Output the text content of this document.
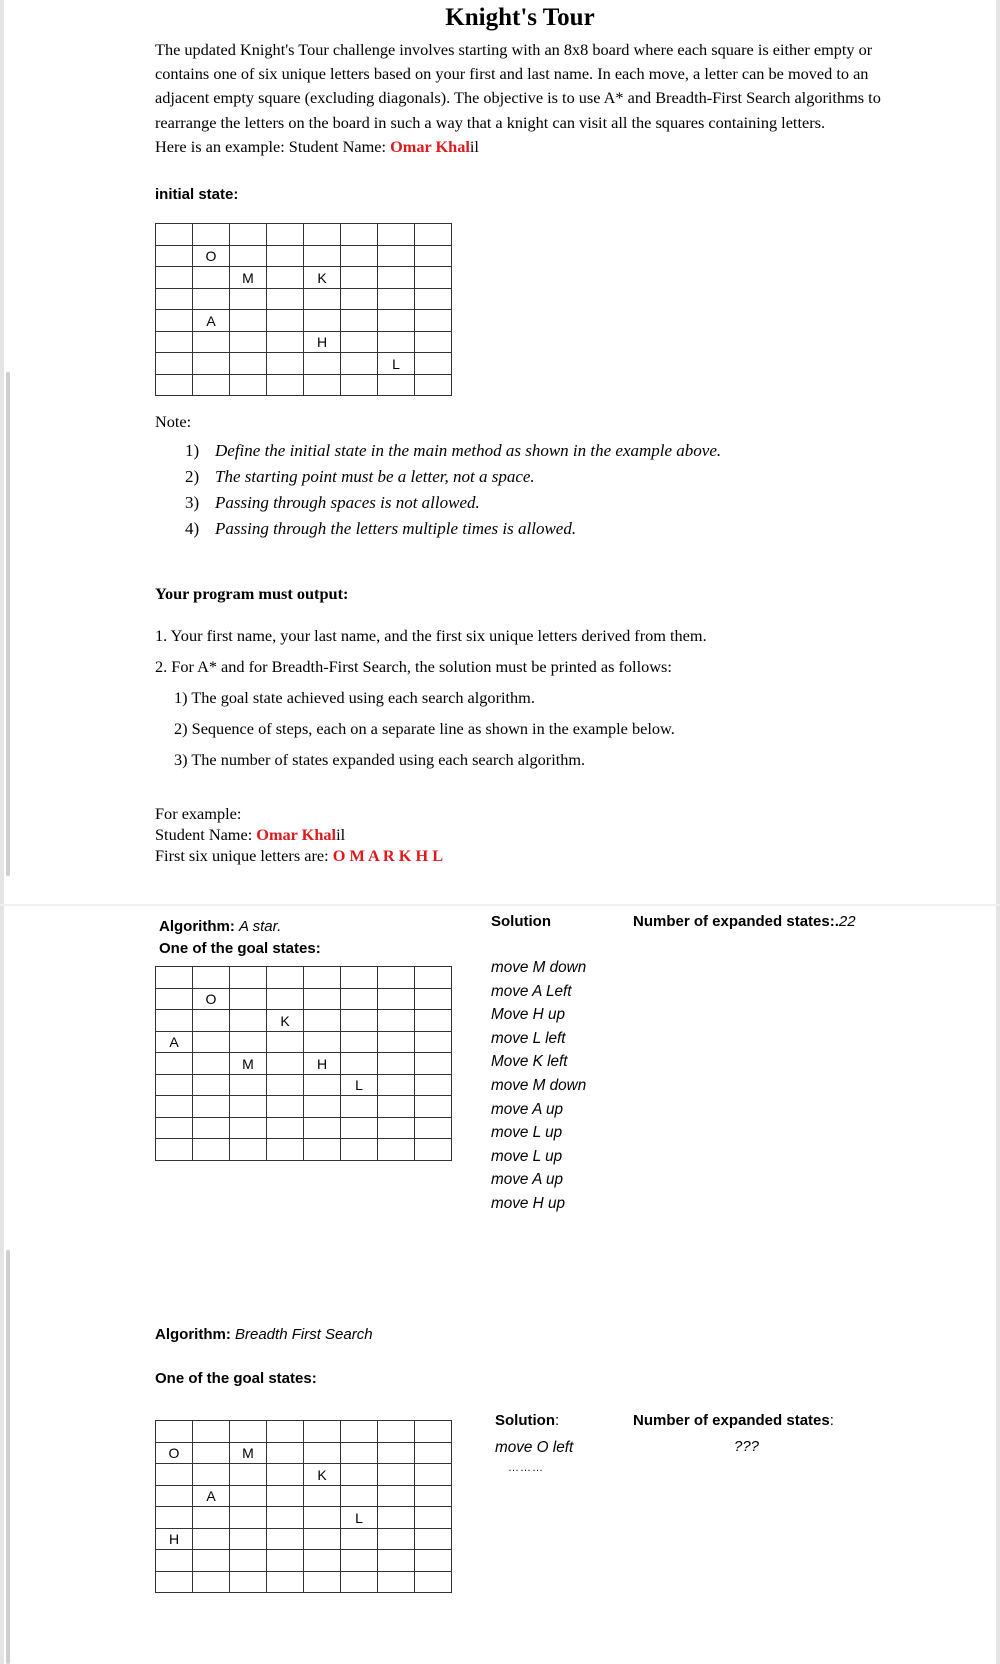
Knight's Tour
The updated Knight's Tour challenge involves starting with an 8x8 board where each square is either empty or contains one of six unique letters based on your first and last name. In each move, a letter can be moved to an adjacent empty square (excluding diagonals). The objective is to use A* and Breadth-First Search algorithms to rearrange the letters on the board in such a way that a knight can visit all the squares containing letters.
Here is an example: Student Name: Omar Khalil
initial state:

	O						
		M		K			

	A						
				H			
						L	

Note:
1) Define the initial state in the main method as shown in the example above.
2) The starting point must be a letter, not a space.
3) Passing through spaces is not allowed.
4) Passing through the letters multiple times is allowed.
Your program must output:
1. Your first name, your last name, and the first six unique letters derived from them.
2. For A* and for Breadth-First Search, the solution must be printed as follows:
1) The goal state achieved using each search algorithm.
2) Sequence of steps, each on a separate line as shown in the example below.
3) The number of states expanded using each search algorithm.
For example:
Student Name: Omar Khalil
First six unique letters are: O M A R K H L
Algorithm: A star.
One of the goal states:
Solution	Number of expanded states:.22

	O						
			K				
A							
		M		H			
					L		

move M down
move A Left
Move H up
move L left
Move K left
move M down
move A up
move L up
move L up
move A up
move H up
Algorithm: Breadth First Search
One of the goal states:
Solution:	Number of expanded states:
???
move O left
………

O		M					
				K			
	A						
					L		
H							
